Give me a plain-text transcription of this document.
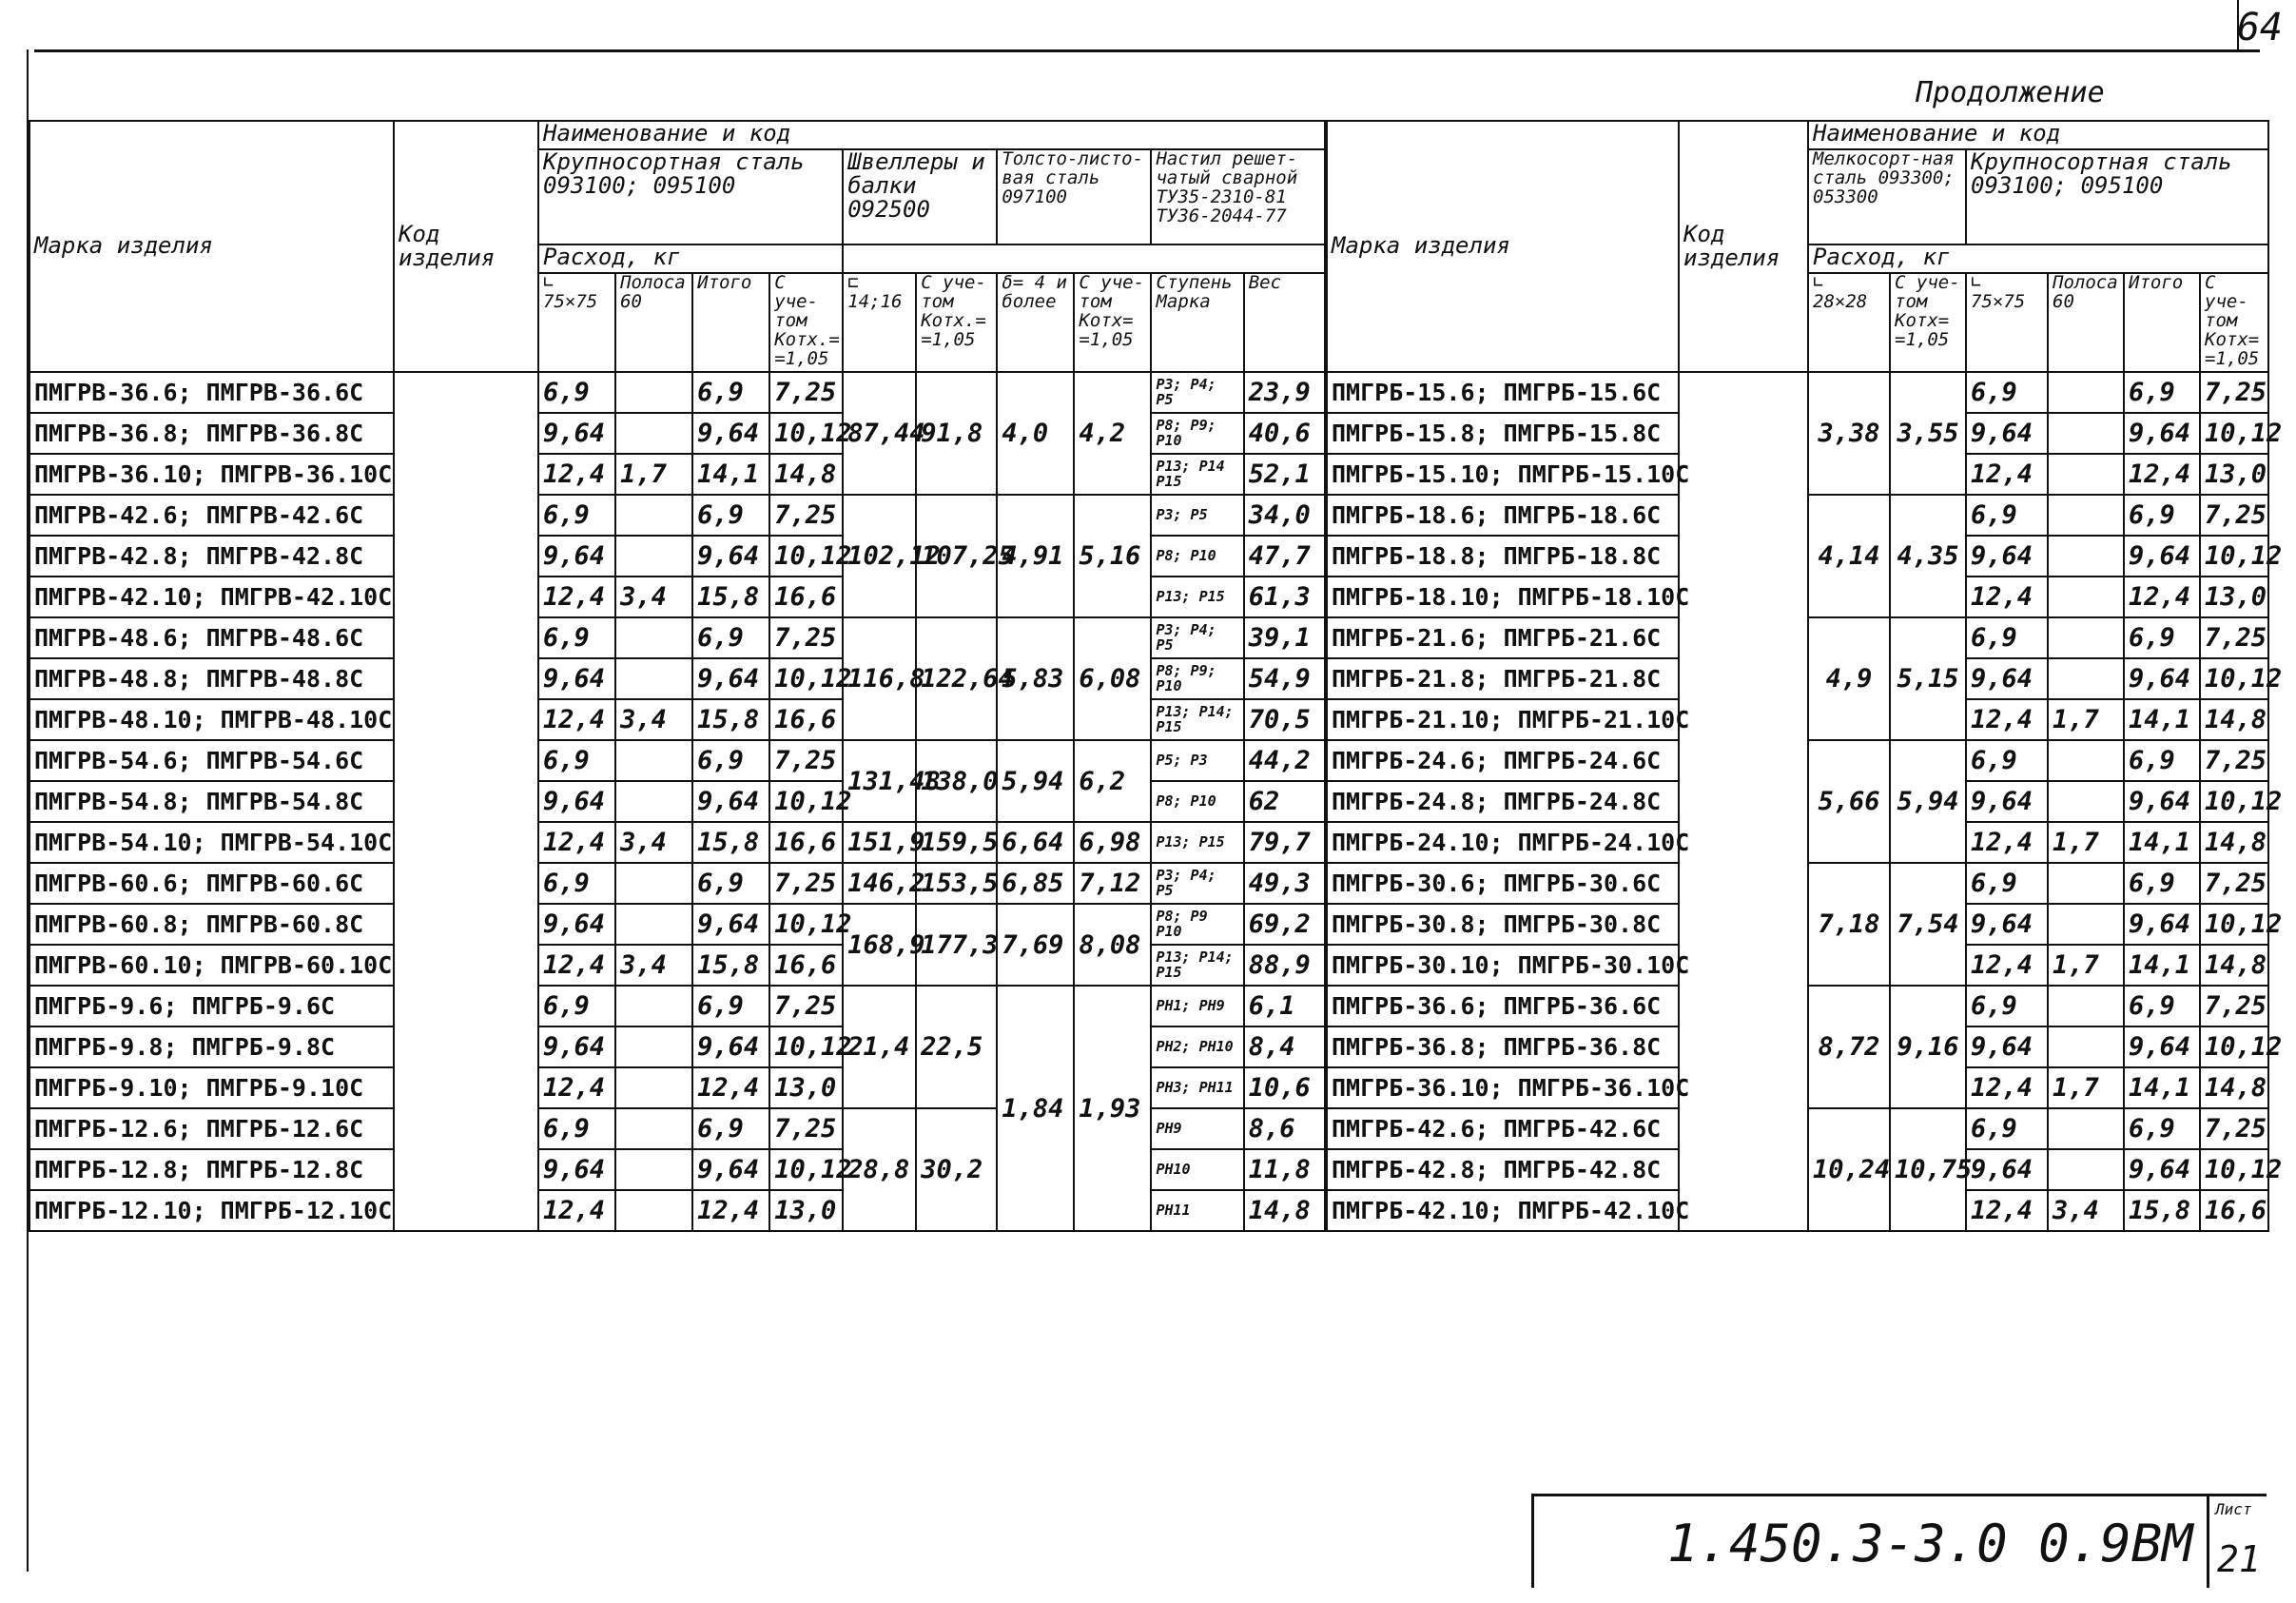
64
Продолжение
Марка изделия	Код изделия	Наименование и код									
		Крупносортная сталь 093100; 095100				Швеллеры и балки 092500		Толсто-листо-вая сталь 097100		Настил решет-чатый сварной ТУЗ5-2310-81 ТУЗ6-2044-77	
		Расход, кг									
		∟ 75×75	Полоса 60	Итого	С уче-том Котх.= =1,05	⊏ 14;16	С уче-том Котх.= =1,05	δ= 4 и более	С уче-том Котх= =1,05	Ступень Марка	Вес
ПМГРВ-36.6; ПМГРВ-36.6С		6,9		6,9	7,25	87,44	91,8	4,0	4,2	Р3; Р4; Р5	23,9
ПМГРВ-36.8; ПМГРВ-36.8С		9,64		9,64	10,12					Р8; Р9; Р10	40,6
ПМГРВ-36.10; ПМГРВ-36.10С		12,4	1,7	14,1	14,8					Р13; Р14 Р15	52,1
ПМГРВ-42.6; ПМГРВ-42.6С		6,9		6,9	7,25	102,12	107,25	4,91	5,16	Р3; Р5	34,0
ПМГРВ-42.8; ПМГРВ-42.8С		9,64		9,64	10,12					Р8; Р10	47,7
ПМГРВ-42.10; ПМГРВ-42.10С		12,4	3,4	15,8	16,6					Р13; Р15	61,3
ПМГРВ-48.6; ПМГРВ-48.6С		6,9		6,9	7,25	116,8	122,64	5,83	6,08	Р3; Р4; Р5	39,1
ПМГРВ-48.8; ПМГРВ-48.8С		9,64		9,64	10,12					Р8; Р9; Р10	54,9
ПМГРВ-48.10; ПМГРВ-48.10С		12,4	3,4	15,8	16,6					Р13; Р14; Р15	70,5
ПМГРВ-54.6; ПМГРВ-54.6С		6,9		6,9	7,25	131,48	138,0	5,94	6,2	Р5; Р3	44,2
ПМГРВ-54.8; ПМГРВ-54.8С		9,64		9,64	10,12					Р8; Р10	62
ПМГРВ-54.10; ПМГРВ-54.10С		12,4	3,4	15,8	16,6	151,9	159,5	6,64	6,98	Р13; Р15	79,7
ПМГРВ-60.6; ПМГРВ-60.6С		6,9		6,9	7,25	146,2	153,5	6,85	7,12	Р3; Р4; Р5	49,3
ПМГРВ-60.8; ПМГРВ-60.8С		9,64		9,64	10,12	168,9	177,3	7,69	8,08	Р8; Р9 Р10	69,2
ПМГРВ-60.10; ПМГРВ-60.10С		12,4	3,4	15,8	16,6					Р13; Р14; Р15	88,9
ПМГРБ-9.6; ПМГРБ-9.6С		6,9		6,9	7,25	21,4	22,5	1,84	1,93	РН1; РН9	6,1
ПМГРБ-9.8; ПМГРБ-9.8С		9,64		9,64	10,12					РН2; РН10	8,4
ПМГРБ-9.10; ПМГРБ-9.10С		12,4		12,4	13,0					РН3; РН11	10,6
ПМГРБ-12.6; ПМГРБ-12.6С		6,9		6,9	7,25	28,8	30,2			РН9	8,6
ПМГРБ-12.8; ПМГРБ-12.8С		9,64		9,64	10,12					РН10	11,8
ПМГРБ-12.10; ПМГРБ-12.10С		12,4		12,4	13,0					РН11	14,8
Марка изделия	Код изделия	Наименование и код					
		Мелкосорт-ная сталь 093300; 053300		Крупносортная сталь 093100; 095100			
		Расход, кг					
		∟ 28×28	С уче-том Котх= =1,05	∟ 75×75	Полоса 60	Итого	С уче-том Котх= =1,05
ПМГРБ-15.6; ПМГРБ-15.6С		3,38	3,55	6,9		6,9	7,25
ПМГРБ-15.8; ПМГРБ-15.8С				9,64		9,64	10,12
ПМГРБ-15.10; ПМГРБ-15.10С				12,4		12,4	13,0
ПМГРБ-18.6; ПМГРБ-18.6С		4,14	4,35	6,9		6,9	7,25
ПМГРБ-18.8; ПМГРБ-18.8С				9,64		9,64	10,12
ПМГРБ-18.10; ПМГРБ-18.10С				12,4		12,4	13,0
ПМГРБ-21.6; ПМГРБ-21.6С		4,9	5,15	6,9		6,9	7,25
ПМГРБ-21.8; ПМГРБ-21.8С				9,64		9,64	10,12
ПМГРБ-21.10; ПМГРБ-21.10С				12,4	1,7	14,1	14,8
ПМГРБ-24.6; ПМГРБ-24.6С		5,66	5,94	6,9		6,9	7,25
ПМГРБ-24.8; ПМГРБ-24.8С				9,64		9,64	10,12
ПМГРБ-24.10; ПМГРБ-24.10С				12,4	1,7	14,1	14,8
ПМГРБ-30.6; ПМГРБ-30.6С		7,18	7,54	6,9		6,9	7,25
ПМГРБ-30.8; ПМГРБ-30.8С				9,64		9,64	10,12
ПМГРБ-30.10; ПМГРБ-30.10С				12,4	1,7	14,1	14,8
ПМГРБ-36.6; ПМГРБ-36.6С		8,72	9,16	6,9		6,9	7,25
ПМГРБ-36.8; ПМГРБ-36.8С				9,64		9,64	10,12
ПМГРБ-36.10; ПМГРБ-36.10С				12,4	1,7	14,1	14,8
ПМГРБ-42.6; ПМГРБ-42.6С		10,24	10,75	6,9		6,9	7,25
ПМГРБ-42.8; ПМГРБ-42.8С				9,64		9,64	10,12
ПМГРБ-42.10; ПМГРБ-42.10С				12,4	3,4	15,8	16,6
1.450.3-3.0 0.9ВМ
Лист
21
